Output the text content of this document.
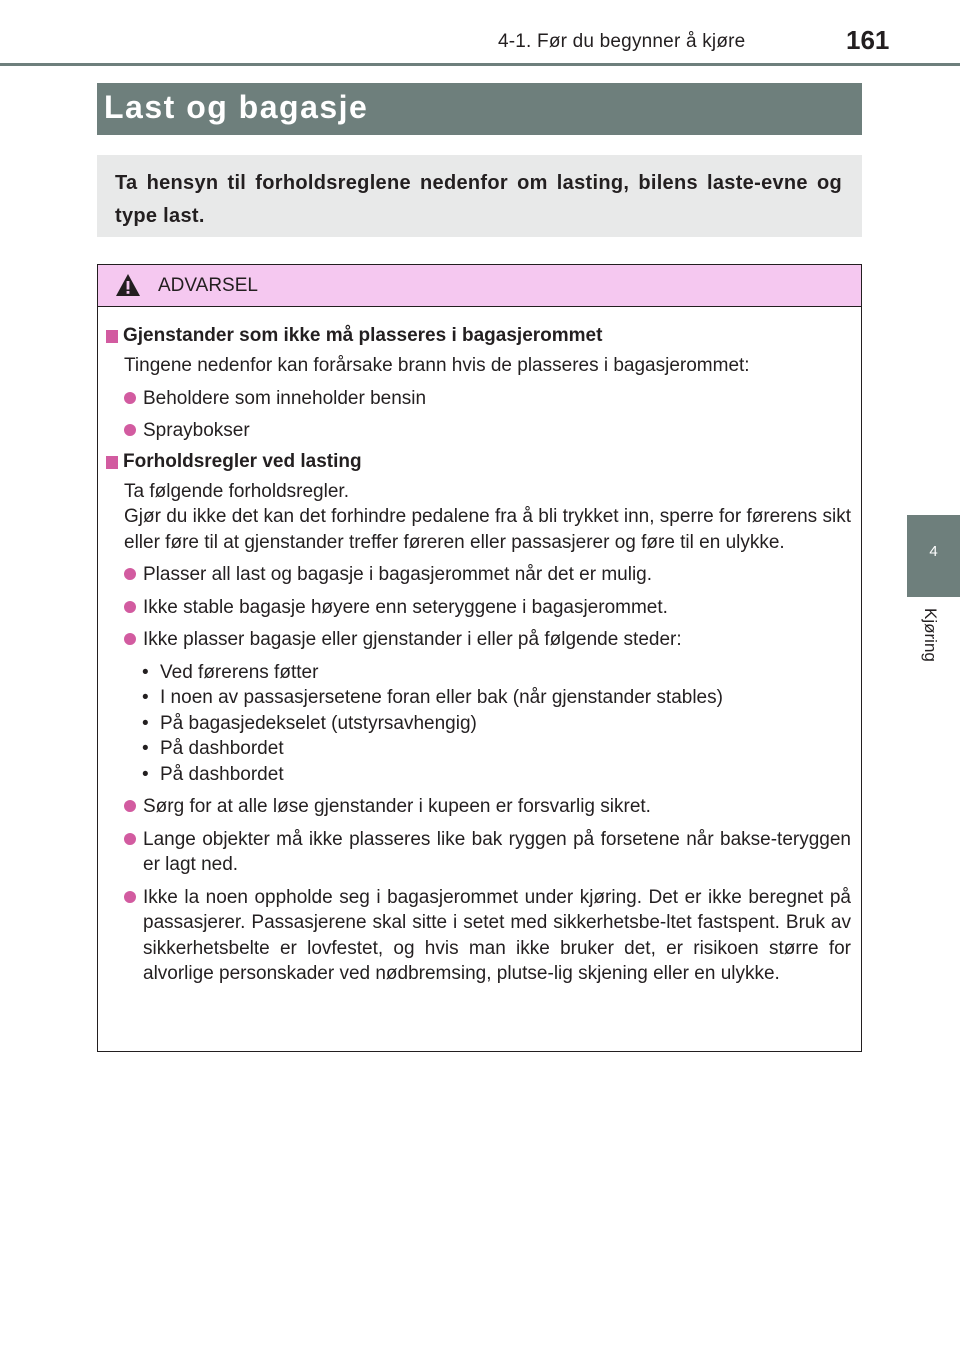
4-1. Før du begynner å kjøre	161
4
Kjøring
Last og bagasje

Ta hensyn til forholdsreglene nedenfor om lasting, bilens laste-evne og type last.

ADVARSEL
Gjenstander som ikke må plasseres i bagasjerommet

Tingene nedenfor kan forårsake brann hvis de plasseres i bagasjerommet:

Beholdere som inneholder bensin
Spraybokser
Forholdsregler ved lasting

Ta følgende forholdsregler.

Gjør du ikke det kan det forhindre pedalene fra å bli trykket inn, sperre for førerens sikt eller føre til at gjenstander treffer føreren eller passasjerer og føre til en ulykke.

Plasser all last og bagasje i bagasjerommet når det er mulig.
Ikke stable bagasje høyere enn seteryggene i bagasjerommet.
Ikke plasser bagasje eller gjenstander i eller på følgende steder:
• Ved førerens føtter
• I noen av passasjersetene foran eller bak (når gjenstander stables)
• På bagasjedekselet (utstyrsavhengig)
• På dashbordet
• På dashbordet
Sørg for at alle løse gjenstander i kupeen er forsvarlig sikret.
Lange objekter må ikke plasseres like bak ryggen på forsetene når bakse-teryggen er lagt ned.
Ikke la noen oppholde seg i bagasjerommet under kjøring. Det er ikke beregnet på passasjerer. Passasjerene skal sitte i setet med sikkerhetsbe-ltet fastspent. Bruk av sikkerhetsbelte er lovfestet, og hvis man ikke bruker det, er risikoen større for alvorlige personskader ved nødbremsing, plutse-lig skjening eller en ulykke.
